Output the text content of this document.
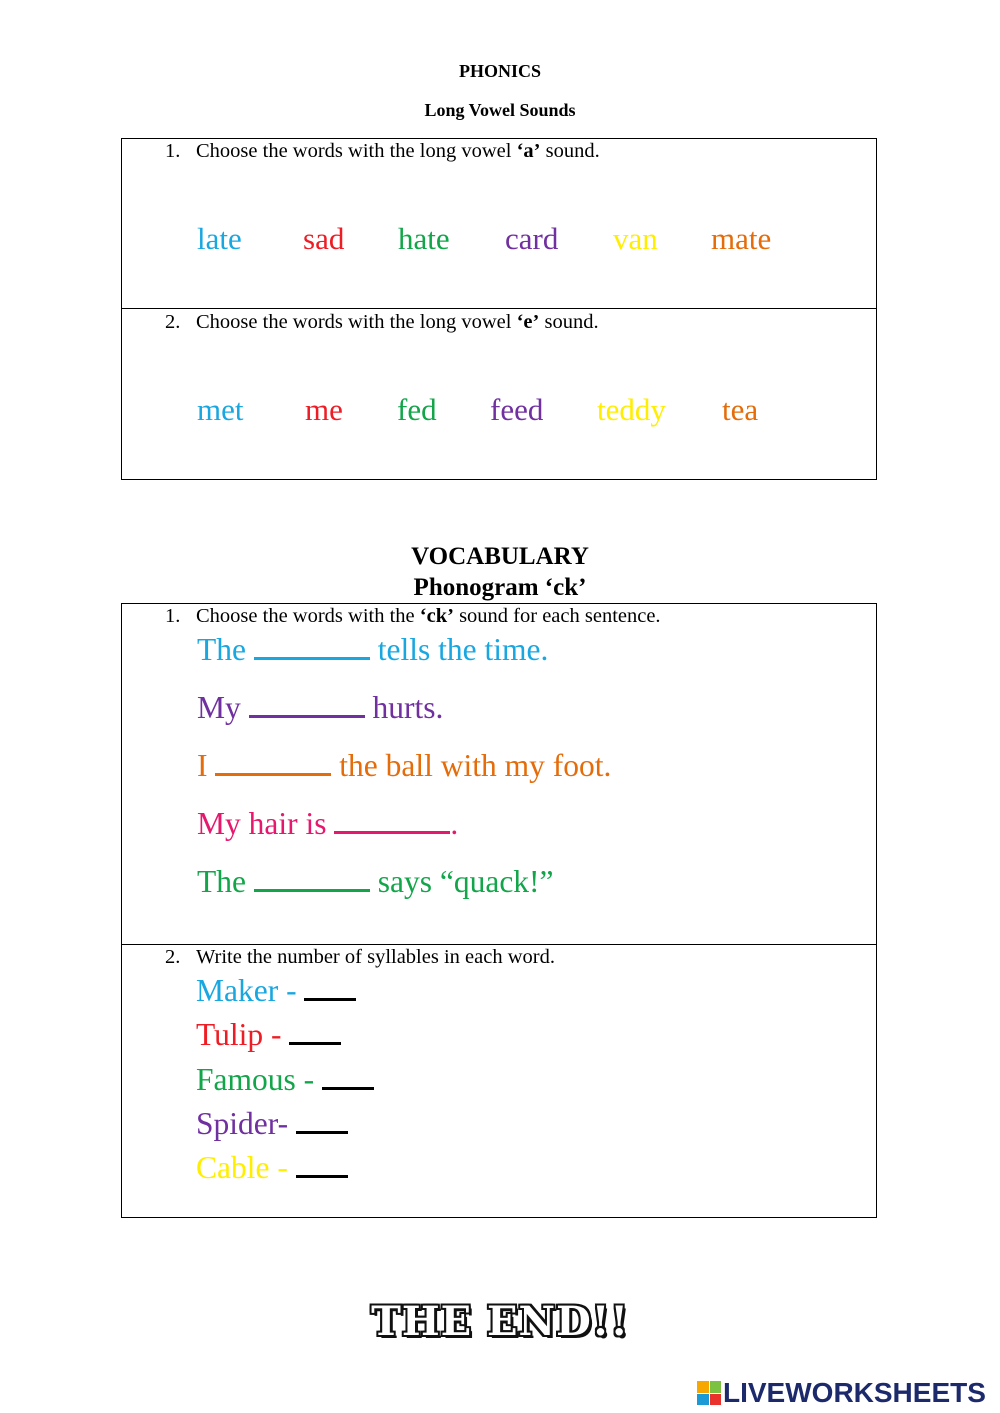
PHONICS
Long Vowel Sounds
1. Choose the words with the long vowel ‘a’ sound.
late sad hate card van mate
2. Choose the words with the long vowel ‘e’ sound.
met me fed feed teddy tea
VOCABULARY
Phonogram ‘ck’
1. Choose the words with the ‘ck’ sound for each sentence.
The	tells the time.
My	hurts.
I	the ball with my foot.
My hair is	.
The	says “quack!”
2. Write the number of syllables in each word.
Maker -
Tulip -
Famous -
Spider-
Cable -
THE END!!
LIVEWORKSHEETS
